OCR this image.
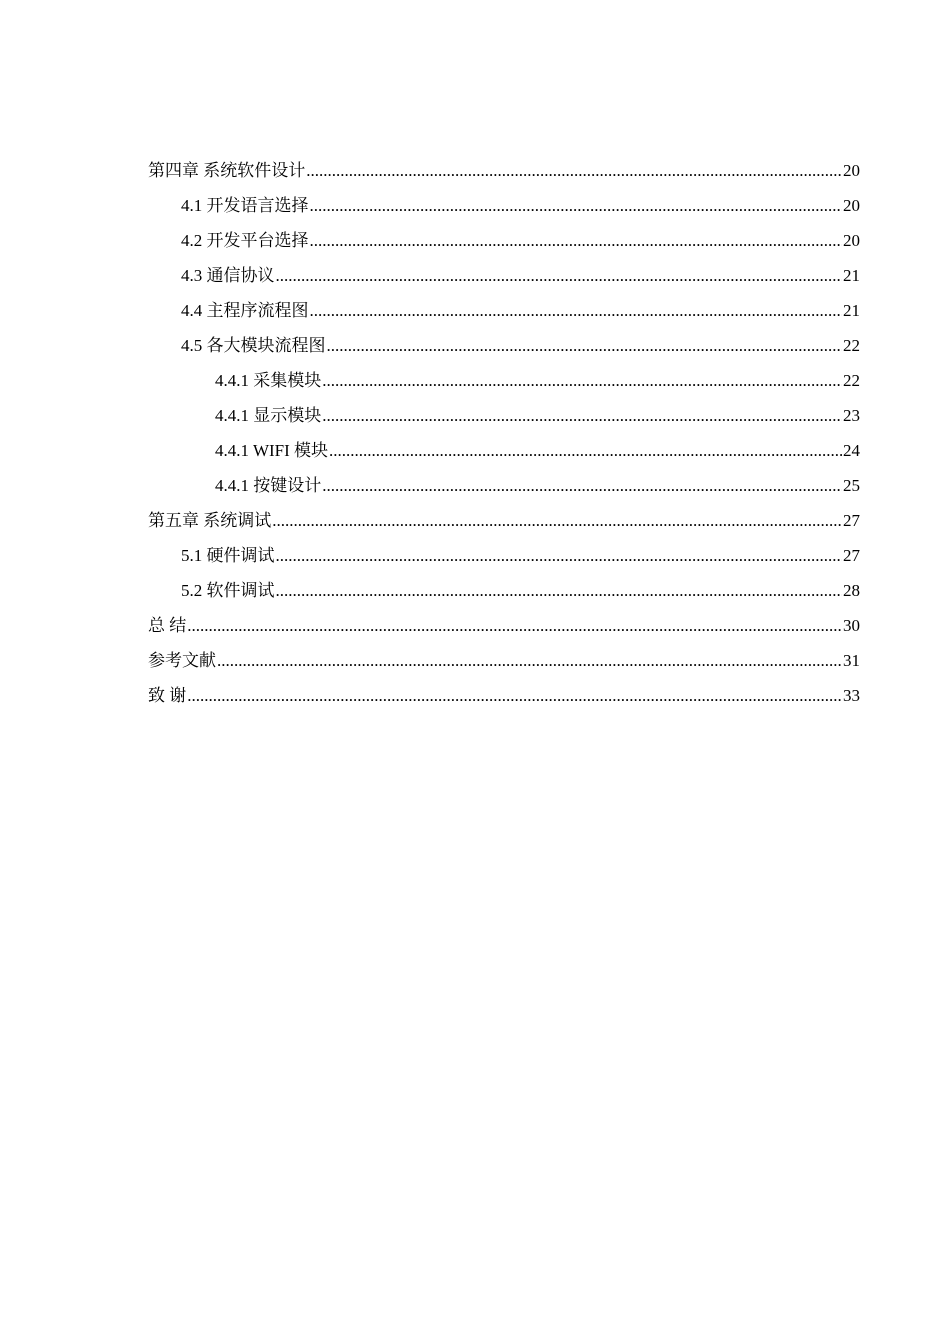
第四章 系统软件设计 .....	20
4.1 开发语言选择 .....	20
4.2 开发平台选择 .....	20
4.3 通信协议 .....	21
4.4 主程序流程图 .....	21
4.5 各大模块流程图 .....	22
4.4.1 采集模块 .....	22
4.4.1 显示模块 .....	23
4.4.1 WIFI 模块 .....	24
4.4.1 按键设计 .....	25
第五章 系统调试 .....	27
5.1 硬件调试 .....	27
5.2 软件调试 .....	28
总 结 .....	30
参考文献 .....	31
致 谢 .....	33
